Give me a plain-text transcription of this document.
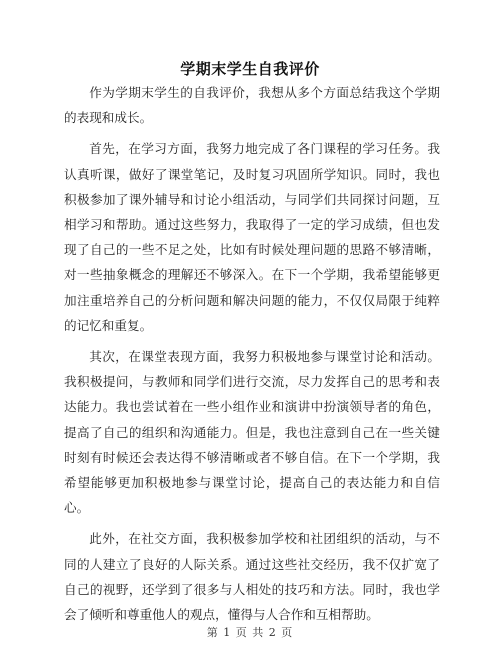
学期末学生自我评价

作为学期末学生的自我评价，我想从多个方面总结我这个学期的表现和成长。

首先，在学习方面，我努力地完成了各门课程的学习任务。我认真听课，做好了课堂笔记，及时复习巩固所学知识。同时，我也积极参加了课外辅导和讨论小组活动，与同学们共同探讨问题，互相学习和帮助。通过这些努力，我取得了一定的学习成绩，但也发现了自己的一些不足之处，比如有时候处理问题的思路不够清晰，对一些抽象概念的理解还不够深入。在下一个学期，我希望能够更加注重培养自己的分析问题和解决问题的能力，不仅仅局限于纯粹的记忆和重复。

其次，在课堂表现方面，我努力积极地参与课堂讨论和活动。我积极提问，与教师和同学们进行交流，尽力发挥自己的思考和表达能力。我也尝试着在一些小组作业和演讲中扮演领导者的角色，提高了自己的组织和沟通能力。但是，我也注意到自己在一些关键时刻有时候还会表达得不够清晰或者不够自信。在下一个学期，我希望能够更加积极地参与课堂讨论，提高自己的表达能力和自信心。

此外，在社交方面，我积极参加学校和社团组织的活动，与不同的人建立了良好的人际关系。通过这些社交经历，我不仅扩宽了自己的视野，还学到了很多与人相处的技巧和方法。同时，我也学会了倾听和尊重他人的观点，懂得与人合作和互相帮助。

第 1 页 共 2 页
